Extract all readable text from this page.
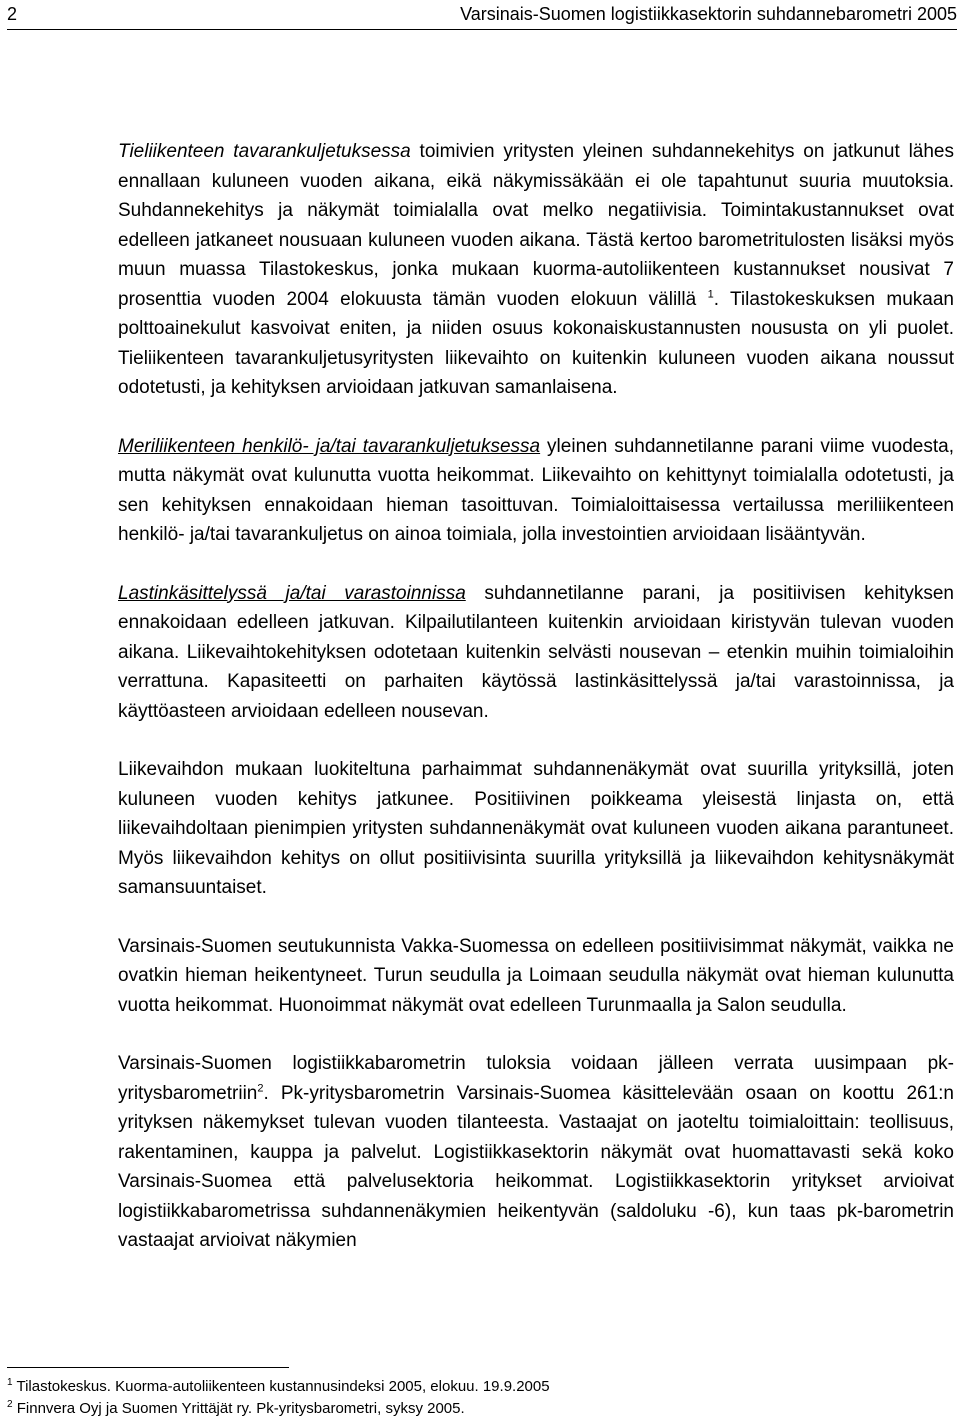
2	Varsinais-Suomen logistiikkasektorin suhdannebarometri 2005

Tieliikenteen tavarankuljetuksessa toimivien yritysten yleinen suhdannekehitys on jatkunut lähes ennallaan kuluneen vuoden aikana, eikä näkymissäkään ei ole tapahtunut suuria muutoksia. Suhdannekehitys ja näkymät toimialalla ovat melko negatiivisia. Toimintakustannukset ovat edelleen jatkaneet nousuaan kuluneen vuoden aikana. Tästä kertoo barometritulosten lisäksi myös muun muassa Tilastokeskus, jonka mukaan kuorma-autoliikenteen kustannukset nousivat 7 prosenttia vuoden 2004 elokuusta tämän vuoden elokuun välillä $^1$. Tilastokeskuksen mukaan polttoainekulut kasvoivat eniten, ja niiden osuus kokonaiskustannusten noususta on yli puolet. Tieliikenteen tavarankuljetusyritysten liikevaihto on kuitenkin kuluneen vuoden aikana noussut odotetusti, ja kehityksen arvioidaan jatkuvan samanlaisena.

Meriliikenteen henkilö- ja/tai tavarankuljetuksessa yleinen suhdannetilanne parani viime vuodesta, mutta näkymät ovat kulunutta vuotta heikommat. Liikevaihto on kehittynyt toimialalla odotetusti, ja sen kehityksen ennakoidaan hieman tasoittuvan. Toimialoittaisessa vertailussa meriliikenteen henkilö- ja/tai tavarankuljetus on ainoa toimiala, jolla investointien arvioidaan lisääntyvän.

Lastinkäsittelyssä ja/tai varastoinnissa suhdannetilanne parani, ja positiivisen kehityksen ennakoidaan edelleen jatkuvan. Kilpailutilanteen kuitenkin arvioidaan kiristyvän tulevan vuoden aikana. Liikevaihtokehityksen odotetaan kuitenkin selvästi nousevan – etenkin muihin toimialoihin verrattuna. Kapasiteetti on parhaiten käytössä lastinkäsittelyssä ja/tai varastoinnissa, ja käyttöasteen arvioidaan edelleen nousevan.

Liikevaihdon mukaan luokiteltuna parhaimmat suhdannenäkymät ovat suurilla yrityksillä, joten kuluneen vuoden kehitys jatkunee. Positiivinen poikkeama yleisestä linjasta on, että liikevaihdoltaan pienimpien yritysten suhdannenäkymät ovat kuluneen vuoden aikana parantuneet. Myös liikevaihdon kehitys on ollut positiivisinta suurilla yrityksillä ja liikevaihdon kehitysnäkymät samansuuntaiset.

Varsinais-Suomen seutukunnista Vakka-Suomessa on edelleen positiivisimmat näkymät, vaikka ne ovatkin hieman heikentyneet. Turun seudulla ja Loimaan seudulla näkymät ovat hieman kulunutta vuotta heikommat. Huonoimmat näkymät ovat edelleen Turunmaalla ja Salon seudulla.

Varsinais-Suomen logistiikkabarometrin tuloksia voidaan jälleen verrata uusimpaan pk-yritysbarometriin$^2$. Pk-yritysbarometrin Varsinais-Suomea käsittelevään osaan on koottu 261:n yrityksen näkemykset tulevan vuoden tilanteesta. Vastaajat on jaoteltu toimialoittain: teollisuus, rakentaminen, kauppa ja palvelut. Logistiikkasektorin näkymät ovat huomattavasti sekä koko Varsinais-Suomea että palvelusektoria heikommat. Logistiikkasektorin yritykset arvioivat logistiikkabarometrissa suhdannenäkymien heikentyvän (saldoluku -6), kun taas pk-barometrin vastaajat arvioivat näkymien

$^1$ Tilastokeskus. Kuorma-autoliikenteen kustannusindeksi 2005, elokuu. 19.9.2005
$^2$ Finnvera Oyj ja Suomen Yrittäjät ry. Pk-yritysbarometri, syksy 2005.
